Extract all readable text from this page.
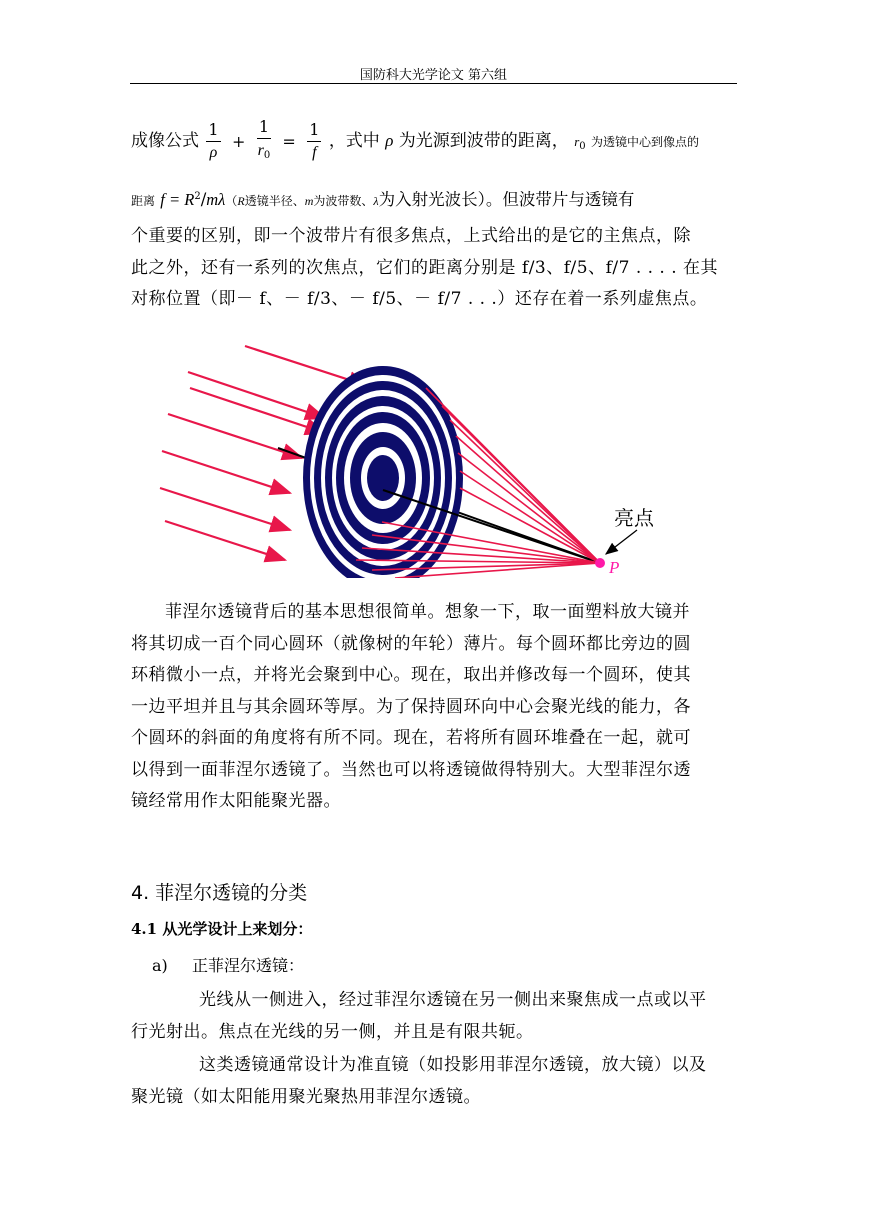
国防科大光学论文 第六组
成像公式 $\frac{1}{\rho} + \frac{1}{r_0} = \frac{1}{f}$ ，式中 ρ 为光源到波带的距离， $r_0$ 为透镜中心到像点的
距离 $f = R^2/m\lambda(R$透镜半径、m为波带数、λ为入射光波长）。但波带片与透镜有
个重要的区别，即一个波带片有很多焦点，上式给出的是它的主焦点，除
此之外，还有一系列的次焦点，它们的距离分别是 f/3、f/5、f/7 . . . . 在其
对称位置（即－ f、－ f/3、－ f/5、－ f/7 . . .）还存在着一系列虚焦点。
亮点
P
菲涅尔透镜背后的基本思想很简单。想象一下，取一面塑料放大镜并
将其切成一百个同心圆环（就像树的年轮）薄片。每个圆环都比旁边的圆
环稍微小一点，并将光会聚到中心。现在，取出并修改每一个圆环，使其
一边平坦并且与其余圆环等厚。为了保持圆环向中心会聚光线的能力，各
个圆环的斜面的角度将有所不同。现在，若将所有圆环堆叠在一起，就可
以得到一面菲涅尔透镜了。当然也可以将透镜做得特别大。大型菲涅尔透
镜经常用作太阳能聚光器。
4. 菲涅尔透镜的分类
4.1 从光学设计上来划分：
a) 正菲涅尔透镜：
光线从一侧进入，经过菲涅尔透镜在另一侧出来聚焦成一点或以平
行光射出。焦点在光线的另一侧，并且是有限共轭。
这类透镜通常设计为准直镜（如投影用菲涅尔透镜，放大镜）以及
聚光镜（如太阳能用聚光聚热用菲涅尔透镜。
